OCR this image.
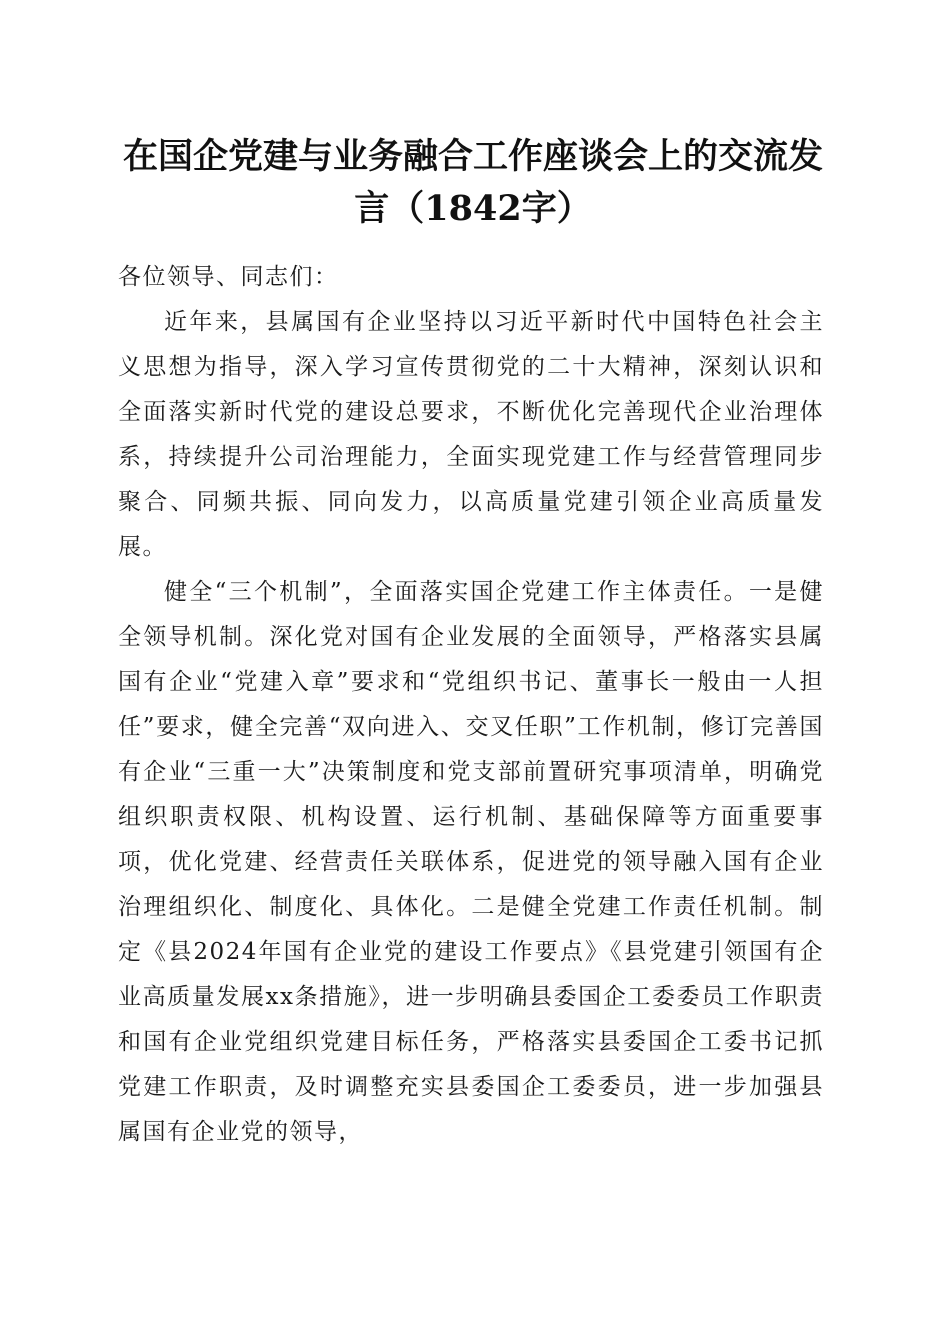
在国企党建与业务融合工作座谈会上的交流发言（1842字）

各位领导、同志们：

近年来，县属国有企业坚持以习近平新时代中国特色社会主义思想为指导，深入学习宣传贯彻党的二十大精神，深刻认识和全面落实新时代党的建设总要求，不断优化完善现代企业治理体系，持续提升公司治理能力，全面实现党建工作与经营管理同步聚合、同频共振、同向发力，以高质量党建引领企业高质量发展。

健全“三个机制”，全面落实国企党建工作主体责任。一是健全领导机制。深化党对国有企业发展的全面领导，严格落实县属国有企业“党建入章”要求和“党组织书记、董事长一般由一人担任”要求，健全完善“双向进入、交叉任职”工作机制，修订完善国有企业“三重一大”决策制度和党支部前置研究事项清单，明确党组织职责权限、机构设置、运行机制、基础保障等方面重要事项，优化党建、经营责任关联体系，促进党的领导融入国有企业治理组织化、制度化、具体化。二是健全党建工作责任机制。制定《县2024年国有企业党的建设工作要点》《县党建引领国有企业高质量发展xx条措施》，进一步明确县委国企工委委员工作职责和国有企业党组织党建目标任务，严格落实县委国企工委书记抓党建工作职责，及时调整充实县委国企工委委员，进一步加强县属国有企业党的领导，
